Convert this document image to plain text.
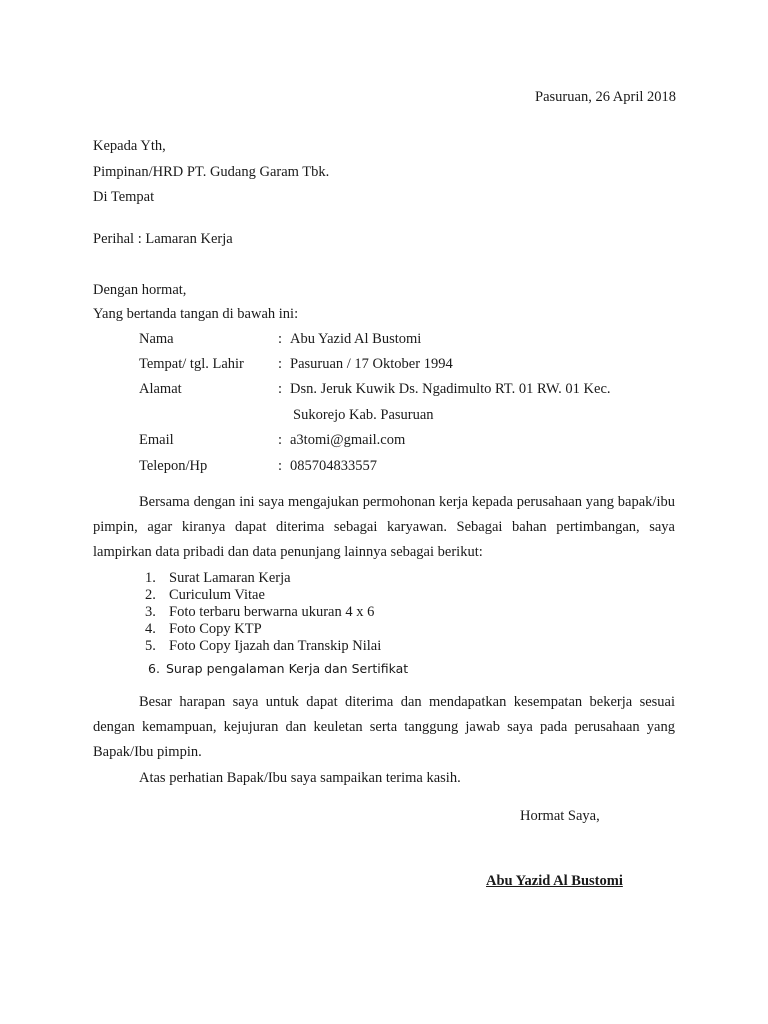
Pasuruan, 26 April 2018
Kepada Yth,
Pimpinan/HRD PT. Gudang Garam Tbk.
Di Tempat
Perihal : Lamaran Kerja
Dengan hormat,
Yang bertanda tangan di bawah ini:
Nama	: Abu Yazid Al Bustomi
Tempat/ tgl. Lahir : Pasuruan / 17 Oktober 1994
Alamat	: Dsn. Jeruk Kuwik Ds. Ngadimulto RT. 01 RW. 01 Kec.
Sukorejo Kab. Pasuruan
Email	: a3tomi@gmail.com
Telepon/Hp	: 085704833557
Bersama dengan ini saya mengajukan permohonan kerja kepada perusahaan yang bapak/ibu pimpin, agar kiranya dapat diterima sebagai karyawan. Sebagai bahan pertimbangan, saya lampirkan data pribadi dan data penunjang lainnya sebagai berikut:
1. Surat Lamaran Kerja
2. Curiculum Vitae
3. Foto terbaru berwarna ukuran 4 x 6
4. Foto Copy KTP
5. Foto Copy Ijazah dan Transkip Nilai
6. Surap pengalaman Kerja dan Sertifikat
Besar harapan saya untuk dapat diterima dan mendapatkan kesempatan bekerja sesuai dengan kemampuan, kejujuran dan keuletan serta tanggung jawab saya pada perusahaan yang Bapak/Ibu pimpin.
Atas perhatian Bapak/Ibu saya sampaikan terima kasih.
Hormat Saya,
Abu Yazid Al Bustomi
